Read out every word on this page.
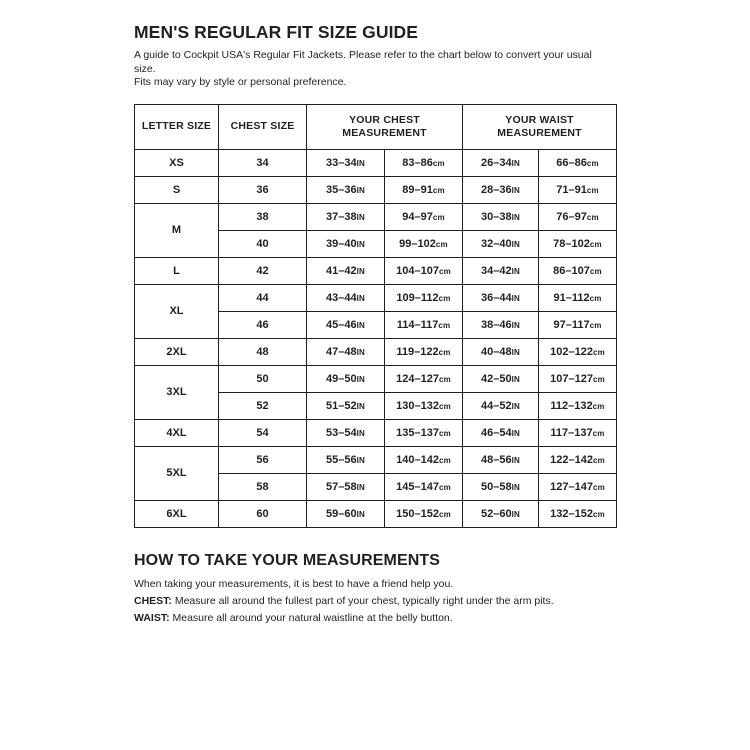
MEN'S REGULAR FIT SIZE GUIDE

A guide to Cockpit USA's Regular Fit Jackets. Please refer to the chart below to convert your usual size.
Fits may vary by style or personal preference.

LETTER SIZE	CHEST SIZE	YOUR CHEST MEASUREMENT		YOUR WAIST MEASUREMENT	
XS	34	33–34IN	83–86cm	26–34IN	66–86cm
S	36	35–36IN	89–91cm	28–36IN	71–91cm
M	38	37–38IN	94–97cm	30–38IN	76–97cm
	40	39–40IN	99–102cm	32–40IN	78–102cm
L	42	41–42IN	104–107cm	34–42IN	86–107cm
XL	44	43–44IN	109–112cm	36–44IN	91–112cm
	46	45–46IN	114–117cm	38–46IN	97–117cm
2XL	48	47–48IN	119–122cm	40–48IN	102–122cm
3XL	50	49–50IN	124–127cm	42–50IN	107–127cm
	52	51–52IN	130–132cm	44–52IN	112–132cm
4XL	54	53–54IN	135–137cm	46–54IN	117–137cm
5XL	56	55–56IN	140–142cm	48–56IN	122–142cm
	58	57–58IN	145–147cm	50–58IN	127–147cm
6XL	60	59–60IN	150–152cm	52–60IN	132–152cm
HOW TO TAKE YOUR MEASUREMENTS

When taking your measurements, it is best to have a friend help you.

CHEST: Measure all around the fullest part of your chest, typically right under the arm pits.

WAIST: Measure all around your natural waistline at the belly button.
